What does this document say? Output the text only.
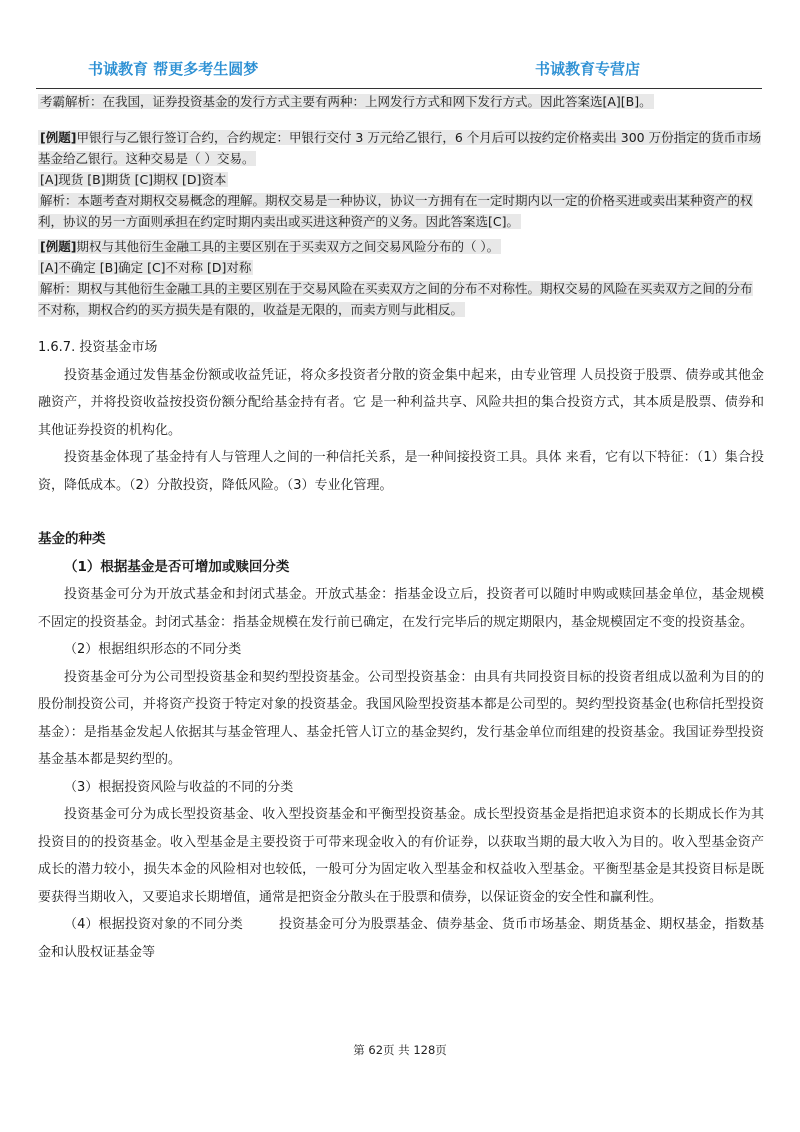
书诚教育 帮更多考生圆梦	书诚教育专营店
考霸解析：在我国，证券投资基金的发行方式主要有两种：上网发行方式和网下发行方式。因此答案选[A][B]。
[例题]甲银行与乙银行签订合约，合约规定：甲银行交付 3 万元给乙银行，6 个月后可以按约定价格卖出 300 万份指定的货币市场基金给乙银行。这种交易是（ ）交易。
[A]现货 [B]期货 [C]期权 [D]资本
解析：本题考查对期权交易概念的理解。期权交易是一种协议，协议一方拥有在一定时期内以一定的价格买进或卖出某种资产的权利，协议的另一方面则承担在约定时期内卖出或买进这种资产的义务。因此答案选[C]。
[例题]期权与其他衍生金融工具的主要区别在于买卖双方之间交易风险分布的（ ）。
[A]不确定 [B]确定 [C]不对称 [D]对称
解析：期权与其他衍生金融工具的主要区别在于交易风险在买卖双方之间的分布不对称性。期权交易的风险在买卖双方之间的分布不对称，期权合约的买方损失是有限的，收益是无限的，而卖方则与此相反。

1.6.7. 投资基金市场

投资基金通过发售基金份额或收益凭证，将众多投资者分散的资金集中起来，由专业管理 人员投资于股票、债券或其他金融资产，并将投资收益按投资份额分配给基金持有者。它 是一种利益共享、风险共担的集合投资方式，其本质是股票、债券和其他证券投资的机构化。

投资基金体现了基金持有人与管理人之间的一种信托关系，是一种间接投资工具。具体 来看，它有以下特征：（1）集合投资，降低成本。（2）分散投资，降低风险。（3）专业化管理。

基金的种类

（1）根据基金是否可增加或赎回分类

投资基金可分为开放式基金和封闭式基金。开放式基金：指基金设立后，投资者可以随时申购或赎回基金单位，基金规模不固定的投资基金。封闭式基金：指基金规模在发行前已确定，在发行完毕后的规定期限内，基金规模固定不变的投资基金。

（2）根据组织形态的不同分类

投资基金可分为公司型投资基金和契约型投资基金。公司型投资基金：由具有共同投资目标的投资者组成以盈利为目的的股份制投资公司，并将资产投资于特定对象的投资基金。我国风险型投资基本都是公司型的。契约型投资基金(也称信托型投资基金）：是指基金发起人依据其与基金管理人、基金托管人订立的基金契约，发行基金单位而组建的投资基金。我国证券型投资基金基本都是契约型的。

（3）根据投资风险与收益的不同的分类

投资基金可分为成长型投资基金、收入型投资基金和平衡型投资基金。成长型投资基金是指把追求资本的长期成长作为其投资目的的投资基金。收入型基金是主要投资于可带来现金收入的有价证券，以获取当期的最大收入为目的。收入型基金资产成长的潜力较小，损失本金的风险相对也较低，一般可分为固定收入型基金和权益收入型基金。平衡型基金是其投资目标是既要获得当期收入，又要追求长期增值，通常是把资金分散头在于股票和债券，以保证资金的安全性和赢利性。

（4）根据投资对象的不同分类	投资基金可分为股票基金、债券基金、货币市场基金、期货基金、期权基金，指数基金和认股权证基金等

第 62页 共 128页
